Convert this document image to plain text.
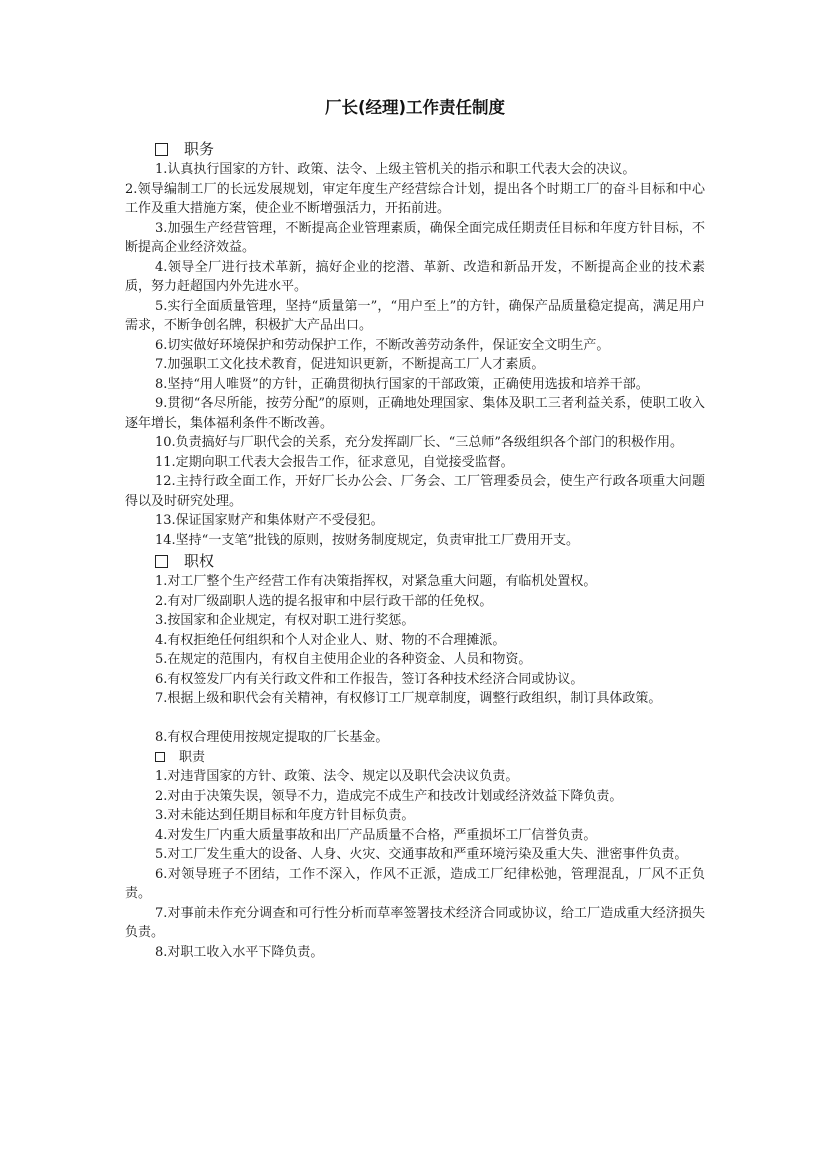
厂长(经理)工作责任制度
职务

1.认真执行国家的方针、政策、法令、上级主管机关的指示和职工代表大会的决议。

2.领导编制工厂的长远发展规划，审定年度生产经营综合计划，提出各个时期工厂的奋斗目标和中心工作及重大措施方案，使企业不断增强活力，开拓前进。

3.加强生产经营管理，不断提高企业管理素质，确保全面完成任期责任目标和年度方针目标，不断提高企业经济效益。

4.领导全厂进行技术革新，搞好企业的挖潜、革新、改造和新品开发，不断提高企业的技术素质，努力赶超国内外先进水平。

5.实行全面质量管理，坚持“质量第一”，“用户至上”的方针，确保产品质量稳定提高，满足用户需求，不断争创名牌，积极扩大产品出口。

6.切实做好环境保护和劳动保护工作，不断改善劳动条件，保证安全文明生产。

7.加强职工文化技术教育，促进知识更新，不断提高工厂人才素质。

8.坚持“用人唯贤”的方针，正确贯彻执行国家的干部政策，正确使用选拔和培养干部。

9.贯彻“各尽所能，按劳分配”的原则，正确地处理国家、集体及职工三者利益关系，使职工收入逐年增长，集体福利条件不断改善。

10.负责搞好与厂职代会的关系，充分发挥副厂长、“三总师”各级组织各个部门的积极作用。

11.定期向职工代表大会报告工作，征求意见，自觉接受监督。

12.主持行政全面工作，开好厂长办公会、厂务会、工厂管理委员会，使生产行政各项重大问题得以及时研究处理。

13.保证国家财产和集体财产不受侵犯。

14.坚持“一支笔”批钱的原则，按财务制度规定，负责审批工厂费用开支。

职权

1.对工厂整个生产经营工作有决策指挥权，对紧急重大问题，有临机处置权。

2.有对厂级副职人选的提名报审和中层行政干部的任免权。

3.按国家和企业规定，有权对职工进行奖惩。

4.有权拒绝任何组织和个人对企业人、财、物的不合理摊派。

5.在规定的范围内，有权自主使用企业的各种资金、人员和物资。

6.有权签发厂内有关行政文件和工作报告，签订各种技术经济合同或协议。

7.根据上级和职代会有关精神，有权修订工厂规章制度，调整行政组织，制订具体政策。

8.有权合理使用按规定提取的厂长基金。

职责

1.对违背国家的方针、政策、法令、规定以及职代会决议负责。

2.对由于决策失误，领导不力，造成完不成生产和技改计划或经济效益下降负责。

3.对未能达到任期目标和年度方针目标负责。

4.对发生厂内重大质量事故和出厂产品质量不合格，严重损坏工厂信誉负责。

5.对工厂发生重大的设备、人身、火灾、交通事故和严重环境污染及重大失、泄密事件负责。

6.对领导班子不团结，工作不深入，作风不正派，造成工厂纪律松弛，管理混乱，厂风不正负责。

7.对事前未作充分调查和可行性分析而草率签署技术经济合同或协议，给工厂造成重大经济损失负责。

8.对职工收入水平下降负责。
